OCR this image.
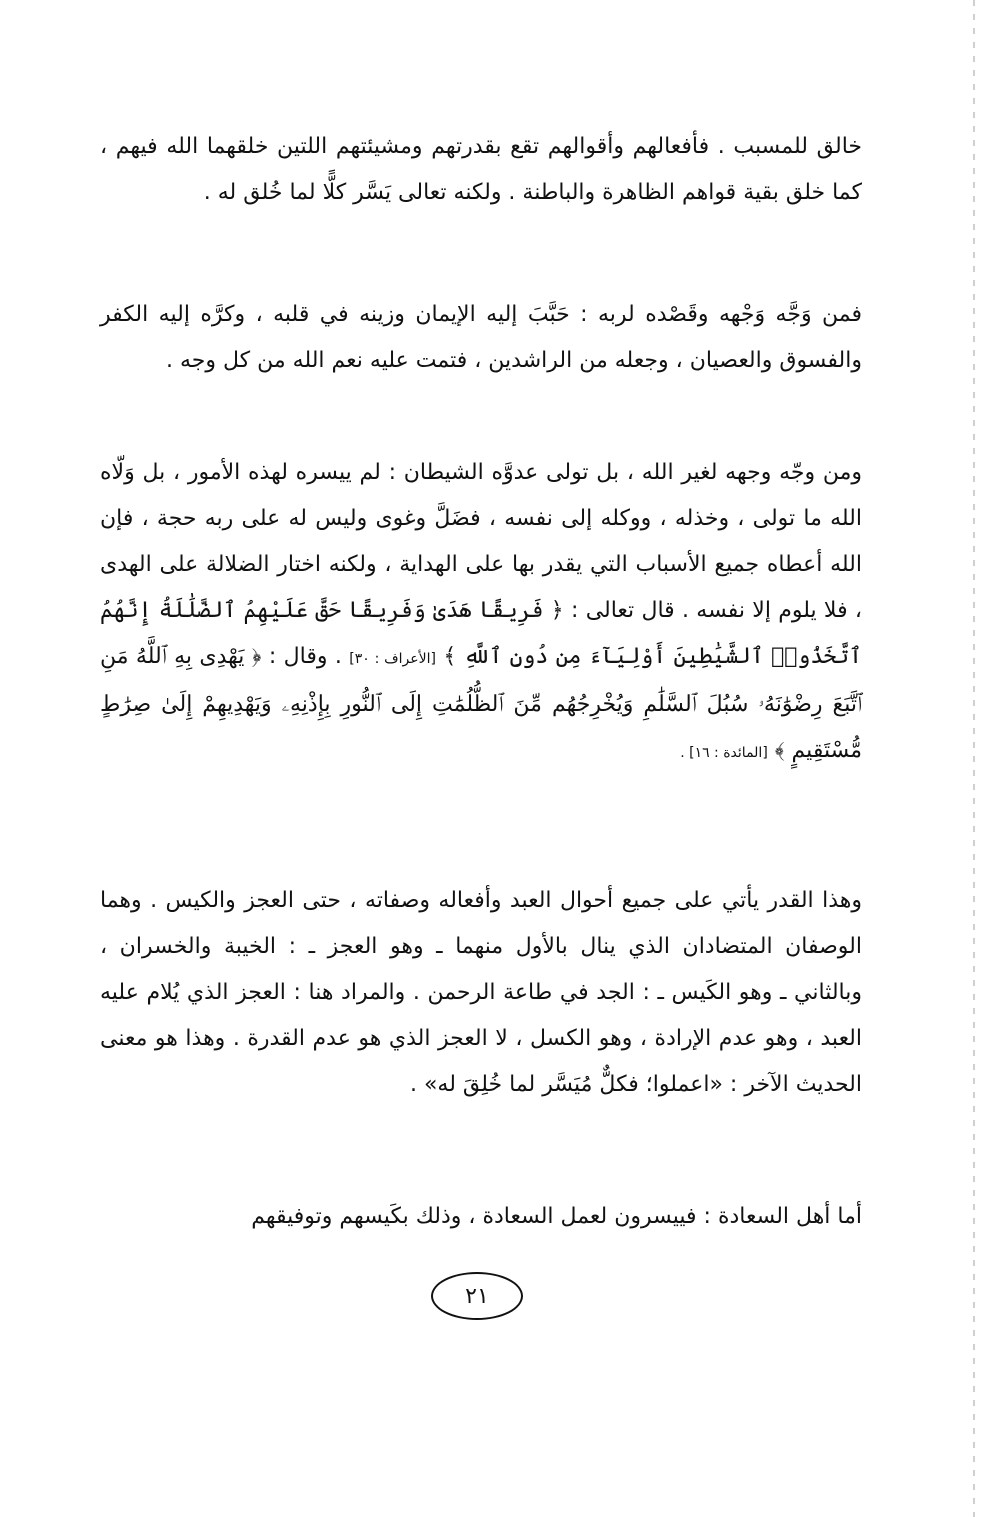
خالق للمسبب . فأفعالهم وأقوالهم تقع بقدرتهم ومشيئتهم اللتين خلقهما الله فيهم ، كما خلق بقية قواهم الظاهرة والباطنة . ولكنه تعالى يَسَّر كلًّا لما خُلق له .

فمن وَجَّه وَجْهه وقَصْده لربه : حَبَّبَ إليه الإيمان وزينه في قلبه ، وكرَّه إليه الكفر والفسوق والعصيان ، وجعله من الراشدين ، فتمت عليه نعم الله من كل وجه .

ومن وجّه وجهه لغير الله ، بل تولى عدوَّه الشيطان : لم ييسره لهذه الأمور ، بل وَلّاه الله ما تولى ، وخذله ، ووكله إلى نفسه ، فضَلَّ وغوى وليس له على ربه حجة ، فإن الله أعطاه جميع الأسباب التي يقدر بها على الهداية ، ولكنه اختار الضلالة على الهدى ، فلا يلوم إلا نفسه . قال تعالى : ﴿ فَرِيقًا هَدَىٰ وَفَرِيقًا حَقَّ عَلَيْهِمُ ٱلضَّلَٰلَةُ إِنَّهُمُ ٱتَّخَذُوا۟ ٱلشَّيَٰطِينَ أَوْلِيَآءَ مِن دُونِ ٱللَّهِ ﴾ [الأعراف : ٣٠] . وقال : ﴿ يَهْدِى بِهِ ٱللَّهُ مَنِ ٱتَّبَعَ رِضْوَٰنَهُۥ سُبُلَ ٱلسَّلَٰمِ وَيُخْرِجُهُم مِّنَ ٱلظُّلُمَٰتِ إِلَى ٱلنُّورِ بِإِذْنِهِۦ وَيَهْدِيهِمْ إِلَىٰ صِرَٰطٍ مُّسْتَقِيمٍ ﴾ [المائدة : ١٦] .

وهذا القدر يأتي على جميع أحوال العبد وأفعاله وصفاته ، حتى العجز والكيس . وهما الوصفان المتضادان الذي ينال بالأول منهما ـ وهو العجز ـ : الخيبة والخسران ، وبالثاني ـ وهو الكَيس ـ : الجد في طاعة الرحمن . والمراد هنا : العجز الذي يُلام عليه العبد ، وهو عدم الإرادة ، وهو الكسل ، لا العجز الذي هو عدم القدرة . وهذا هو معنى الحديث الآخر : «اعملوا؛ فكلٌّ مُيَسَّر لما خُلِقَ له» .

أما أهل السعادة : فييسرون لعمل السعادة ، وذلك بكَيسهم وتوفيقهم

٢١
